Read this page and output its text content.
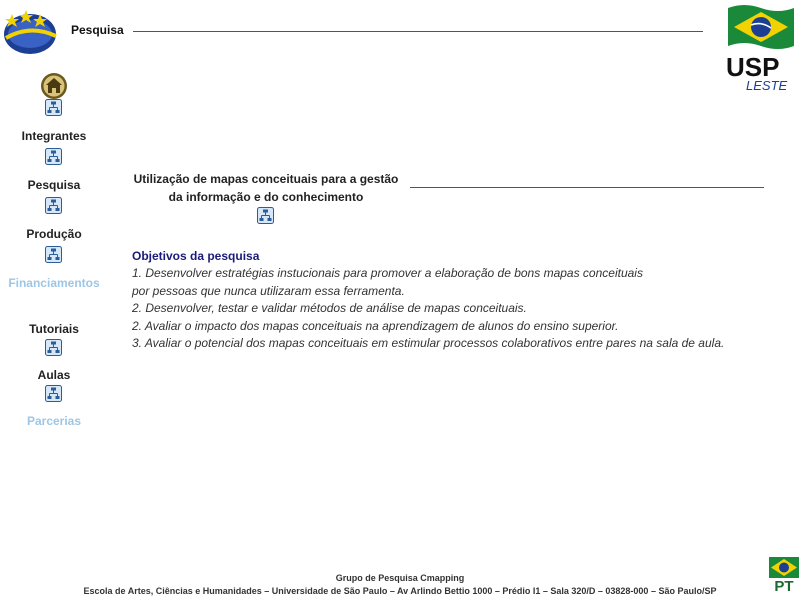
Pesquisa
USP
LESTE
Integrantes
Pesquisa
Produção
Financiamentos
Tutoriais
Aulas
Parcerias
Utilização de mapas conceituais para a gestão
da informação e do conhecimento
Objetivos da pesquisa
1. Desenvolver estratégias instucionais para promover a elaboração de bons mapas conceituais
por pessoas que nunca utilizaram essa ferramenta.
2. Desenvolver, testar e validar métodos de análise de mapas conceituais.
2. Avaliar o impacto dos mapas conceituais na aprendizagem de alunos do ensino superior.
3. Avaliar o potencial dos mapas conceituais em estimular processos colaborativos entre pares na sala de aula.
Grupo de Pesquisa Cmapping
Escola de Artes, Ciências e Humanidades – Universidade de São Paulo – Av Arlindo Bettio 1000 – Prédio I1 – Sala 320/D – 03828-000 – São Paulo/SP	PT
